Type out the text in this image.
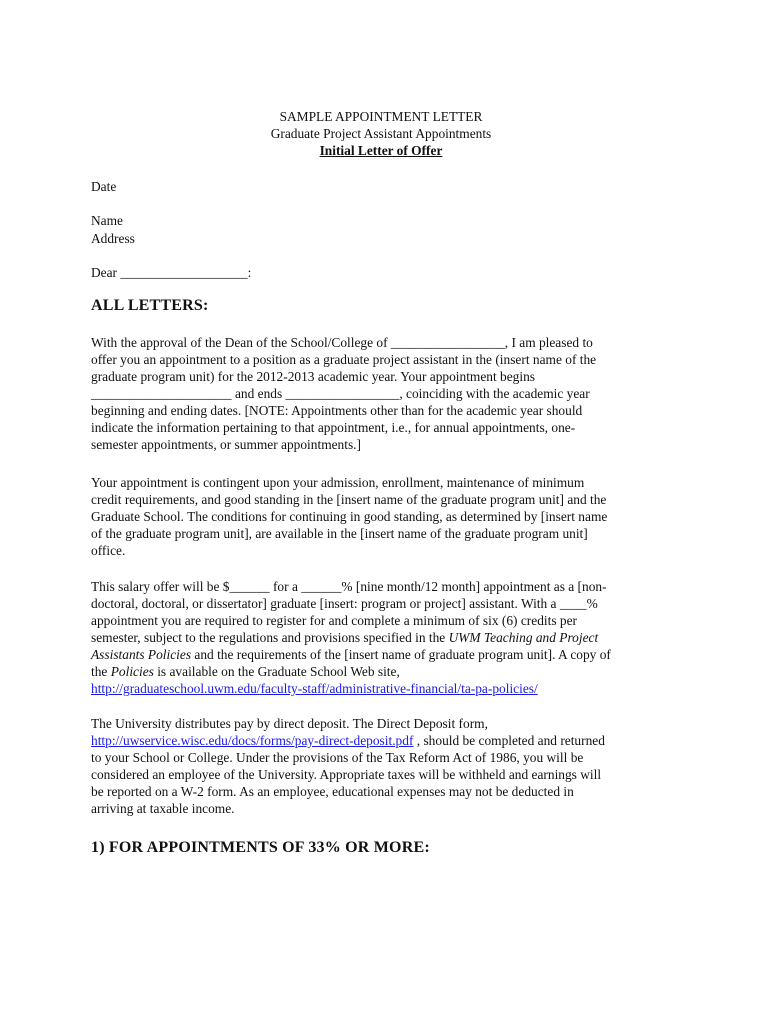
SAMPLE APPOINTMENT LETTER
Graduate Project Assistant Appointments
Initial Letter of Offer
Date
Name
Address
Dear ___________________:
ALL LETTERS:
With the approval of the Dean of the School/College of _________________, I am pleased to
offer you an appointment to a position as a graduate project assistant in the (insert name of the
graduate program unit) for the 2012-2013 academic year. Your appointment begins
_____________________ and ends _________________, coinciding with the academic year
beginning and ending dates. [NOTE: Appointments other than for the academic year should
indicate the information pertaining to that appointment, i.e., for annual appointments, one-
semester appointments, or summer appointments.]
Your appointment is contingent upon your admission, enrollment, maintenance of minimum
credit requirements, and good standing in the [insert name of the graduate program unit] and the
Graduate School. The conditions for continuing in good standing, as determined by [insert name
of the graduate program unit], are available in the [insert name of the graduate program unit]
office.
This salary offer will be $______ for a ______% [nine month/12 month] appointment as a [non-
doctoral, doctoral, or dissertator] graduate [insert: program or project] assistant. With a ____%
appointment you are required to register for and complete a minimum of six (6) credits per
semester, subject to the regulations and provisions specified in the UWM Teaching and Project
Assistants Policies and the requirements of the [insert name of graduate program unit]. A copy of
the Policies is available on the Graduate School Web site,
http://graduateschool.uwm.edu/faculty-staff/administrative-financial/ta-pa-policies/
The University distributes pay by direct deposit. The Direct Deposit form,
http://uwservice.wisc.edu/docs/forms/pay-direct-deposit.pdf , should be completed and returned
to your School or College. Under the provisions of the Tax Reform Act of 1986, you will be
considered an employee of the University. Appropriate taxes will be withheld and earnings will
be reported on a W-2 form. As an employee, educational expenses may not be deducted in
arriving at taxable income.
1) FOR APPOINTMENTS OF 33% OR MORE:
